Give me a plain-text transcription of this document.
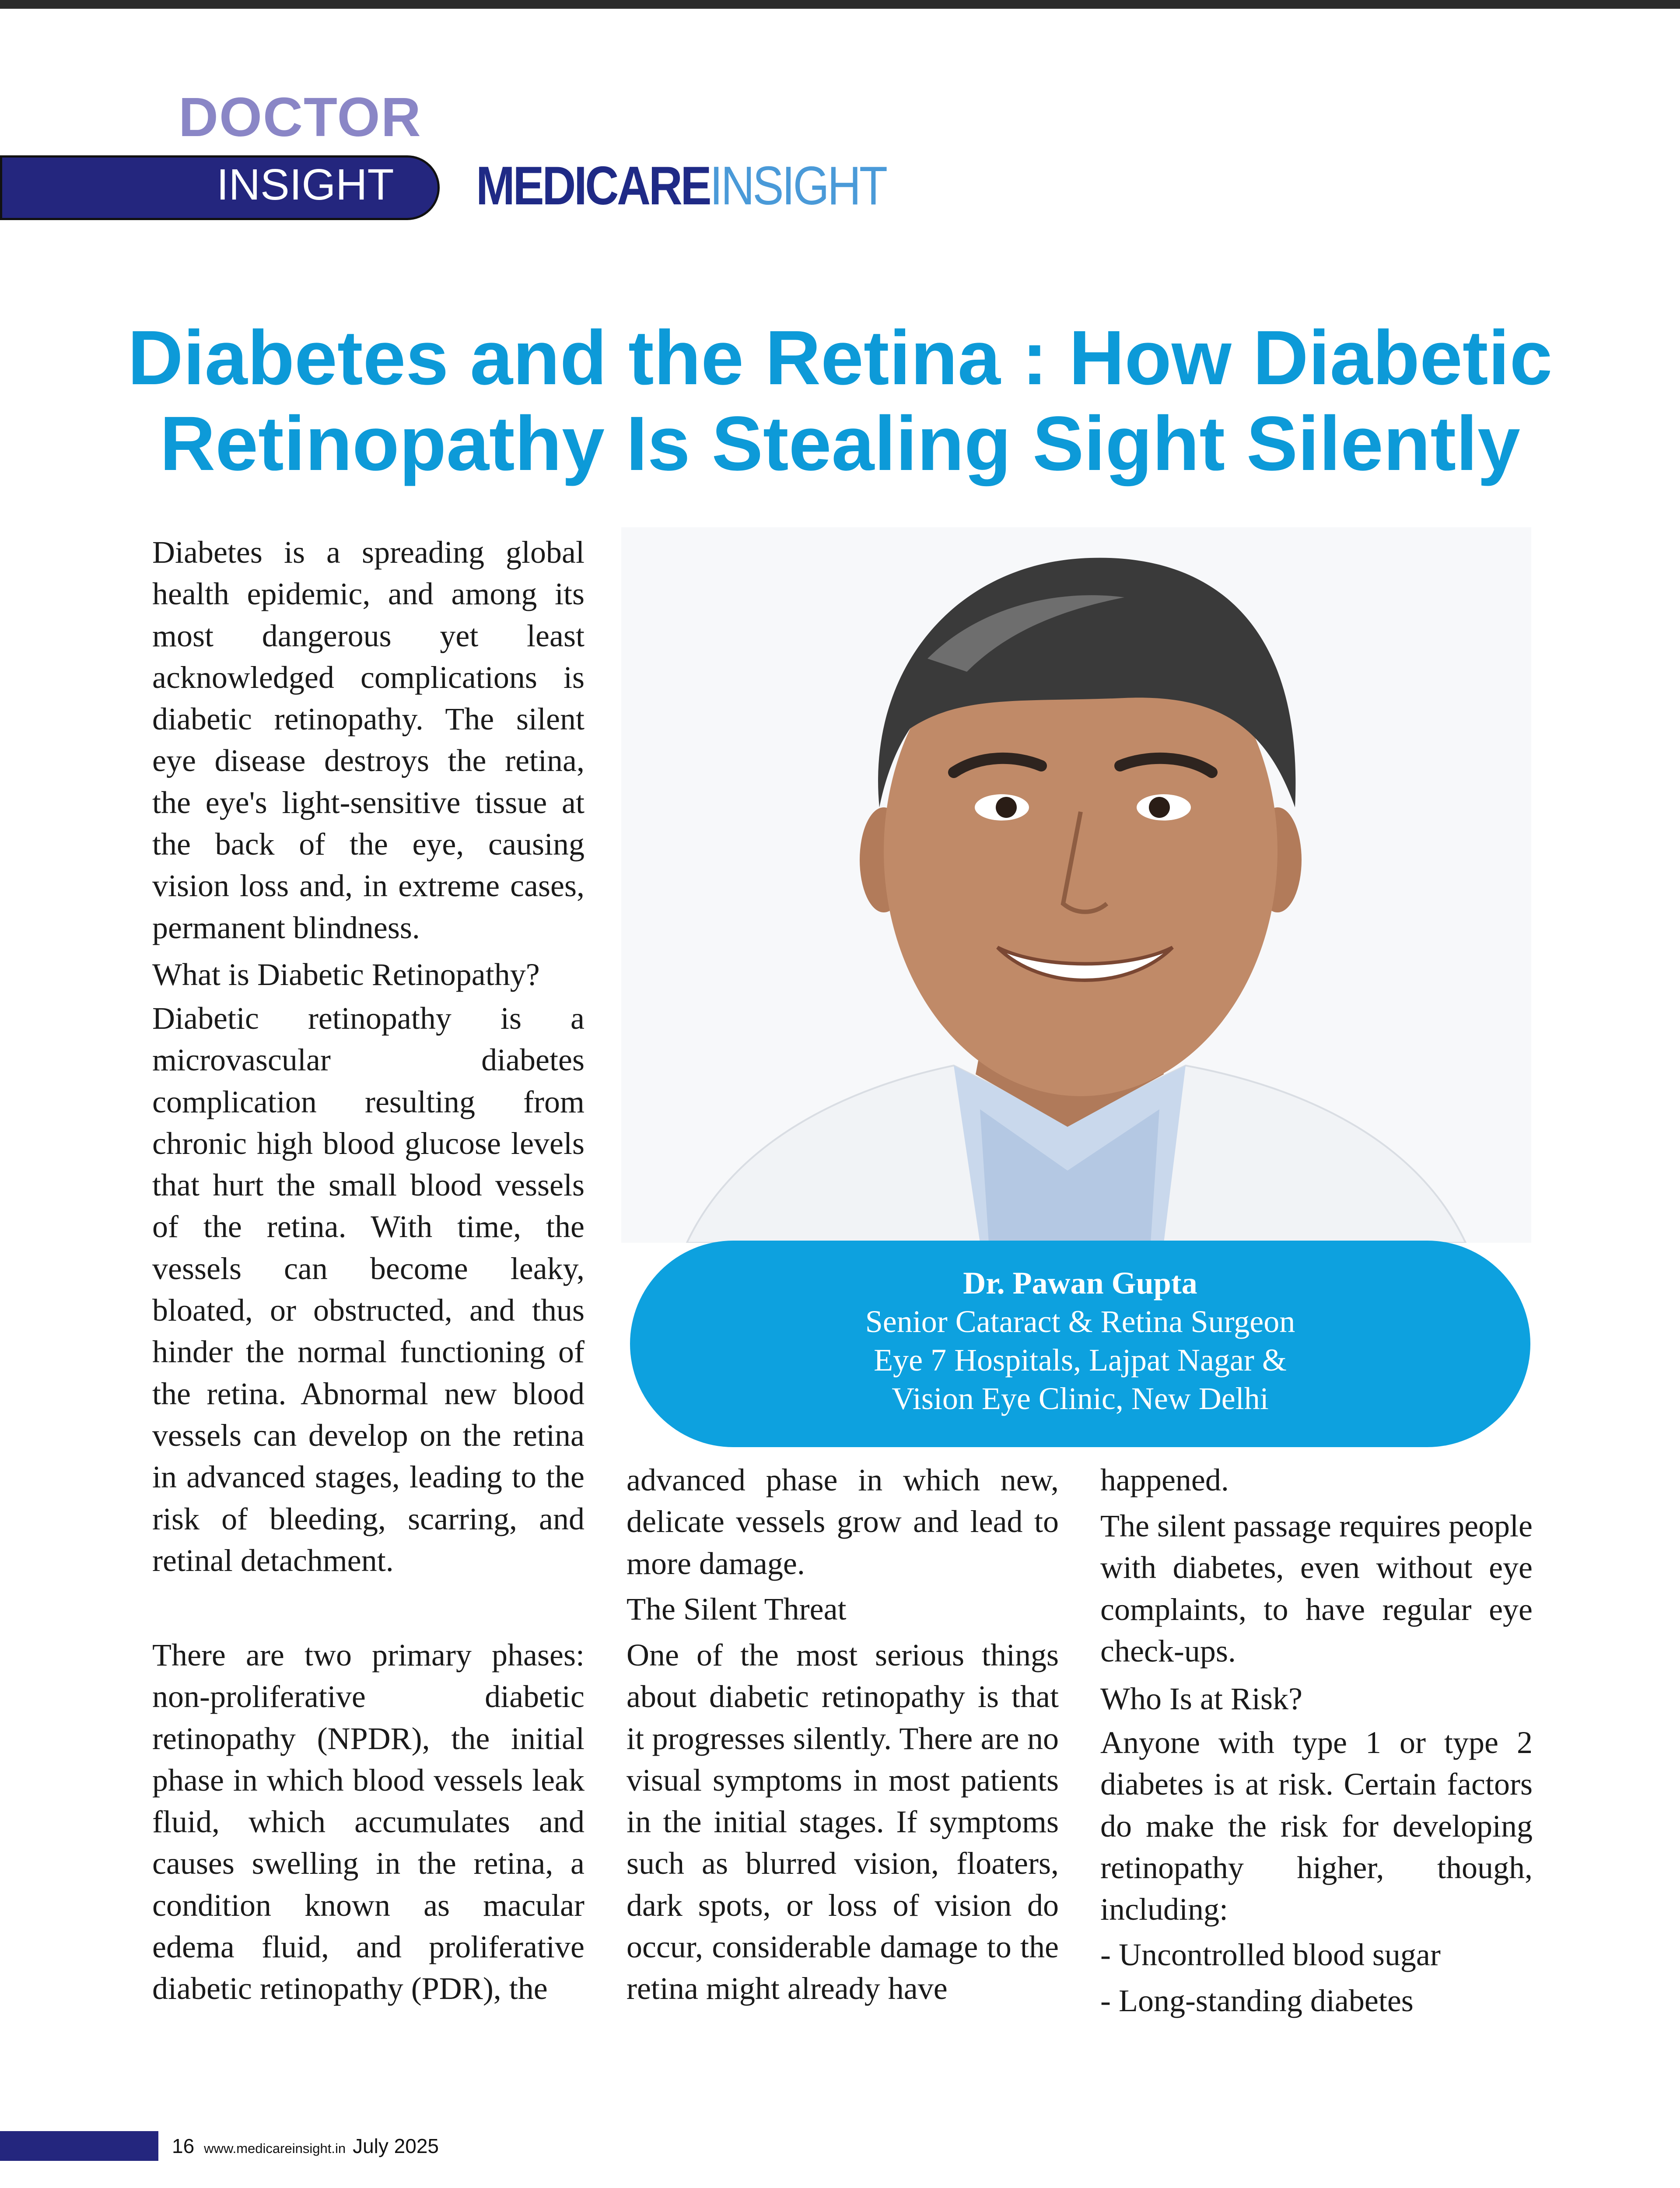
DOCTOR
INSIGHT MEDICAREINSIGHT
Diabetes and the Retina : How Diabetic Retinopathy Is Stealing Sight Silently
Dr. Pawan Gupta
Senior Cataract & Retina Surgeon
Eye 7 Hospitals, Lajpat Nagar &
Vision Eye Clinic, New Delhi

Diabetes is a spreading global health epidemic, and among its most dangerous yet least acknowledged complications is diabetic retinopathy. The silent eye disease destroys the retina, the eye's light-sensitive tissue at the back of the eye, causing vision loss and, in extreme cases, permanent blindness.

What is Diabetic Retinopathy?

Diabetic retinopathy is a microvascular diabetes complication resulting from chronic high blood glucose levels that hurt the small blood vessels of the retina. With time, the vessels can become leaky, bloated, or obstructed, and thus hinder the normal functioning of the retina. Abnormal new blood vessels can develop on the retina in advanced stages, leading to the risk of bleeding, scarring, and retinal detachment.

There are two primary phases: non-proliferative diabetic retinopathy (NPDR), the initial phase in which blood vessels leak fluid, which accumulates and causes swelling in the retina, a condition known as macular edema fluid, and proliferative diabetic retinopathy (PDR), the

advanced phase in which new, delicate vessels grow and lead to more damage.

The Silent Threat

One of the most serious things about diabetic retinopathy is that it progresses silently. There are no visual symptoms in most patients in the initial stages. If symptoms such as blurred vision, floaters, dark spots, or loss of vision do occur, considerable damage to the retina might already have

happened.

The silent passage requires people with diabetes, even without eye complaints, to have regular eye check-ups.

Who Is at Risk?

Anyone with type 1 or type 2 diabetes is at risk. Certain factors do make the risk for developing retinopathy higher, though, including:

- Uncontrolled blood sugar

- Long-standing diabetes

16 www.medicareinsight.in July 2025
